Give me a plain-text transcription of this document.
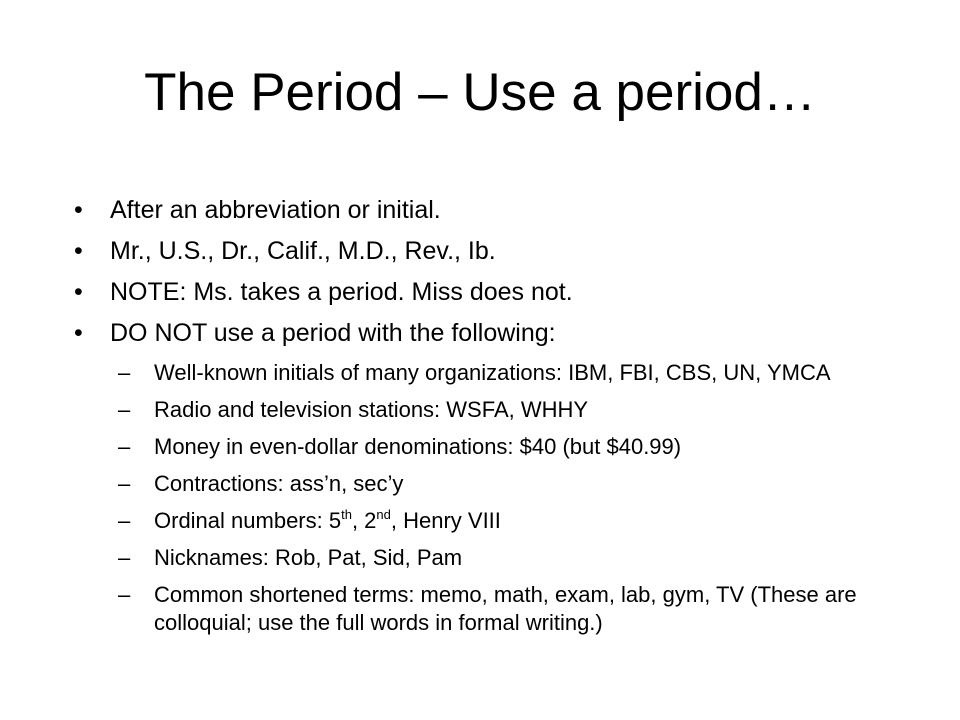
The Period – Use a period…
• After an abbreviation or initial.
• Mr., U.S., Dr., Calif., M.D., Rev., Ib.
• NOTE: Ms. takes a period. Miss does not.
• DO NOT use a period with the following:
– Well-known initials of many organizations: IBM, FBI, CBS, UN, YMCA
– Radio and television stations: WSFA, WHHY
– Money in even-dollar denominations: $40 (but $40.99)
– Contractions: ass’n, sec’y
– Ordinal numbers: 5th, 2nd, Henry VIII
– Nicknames: Rob, Pat, Sid, Pam
– Common shortened terms: memo, math, exam, lab, gym, TV (These are colloquial; use the full words in formal writing.)
